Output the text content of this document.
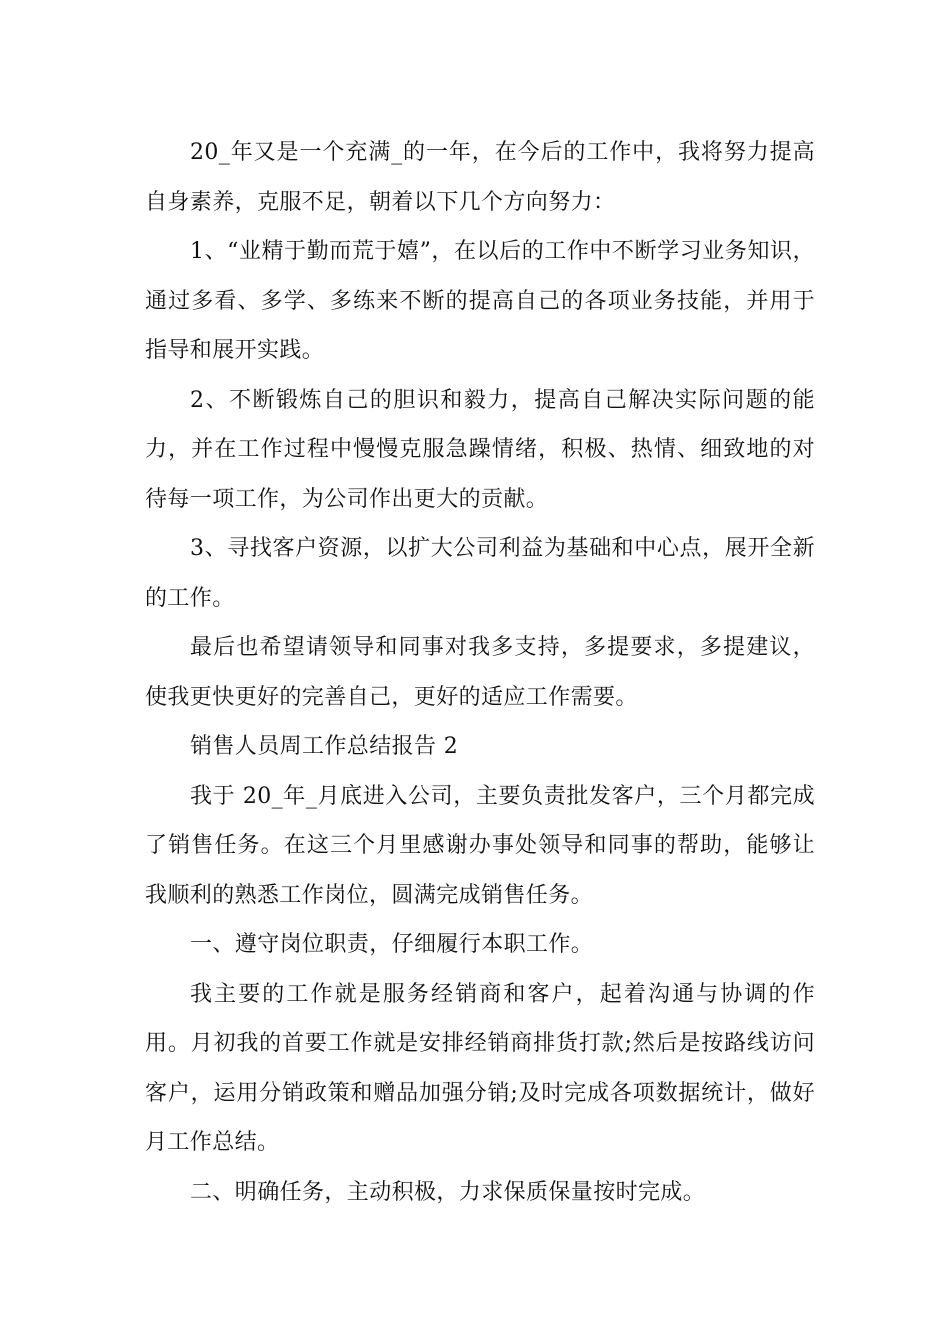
20_年又是一个充满_的一年，在今后的工作中，我将努力提高自身素养，克服不足，朝着以下几个方向努力：

1、“业精于勤而荒于嬉”，在以后的工作中不断学习业务知识，通过多看、多学、多练来不断的提高自己的各项业务技能，并用于指导和展开实践。

2、不断锻炼自己的胆识和毅力，提高自己解决实际问题的能力，并在工作过程中慢慢克服急躁情绪，积极、热情、细致地的对待每一项工作，为公司作出更大的贡献。

3、寻找客户资源，以扩大公司利益为基础和中心点，展开全新的工作。

最后也希望请领导和同事对我多支持，多提要求，多提建议，使我更快更好的完善自己，更好的适应工作需要。

销售人员周工作总结报告 2

我于 20_年_月底进入公司，主要负责批发客户，三个月都完成了销售任务。在这三个月里感谢办事处领导和同事的帮助，能够让我顺利的熟悉工作岗位，圆满完成销售任务。

一、遵守岗位职责，仔细履行本职工作。

我主要的工作就是服务经销商和客户，起着沟通与协调的作用。月初我的首要工作就是安排经销商排货打款;然后是按路线访问客户，运用分销政策和赠品加强分销;及时完成各项数据统计，做好月工作总结。

二、明确任务，主动积极，力求保质保量按时完成。
